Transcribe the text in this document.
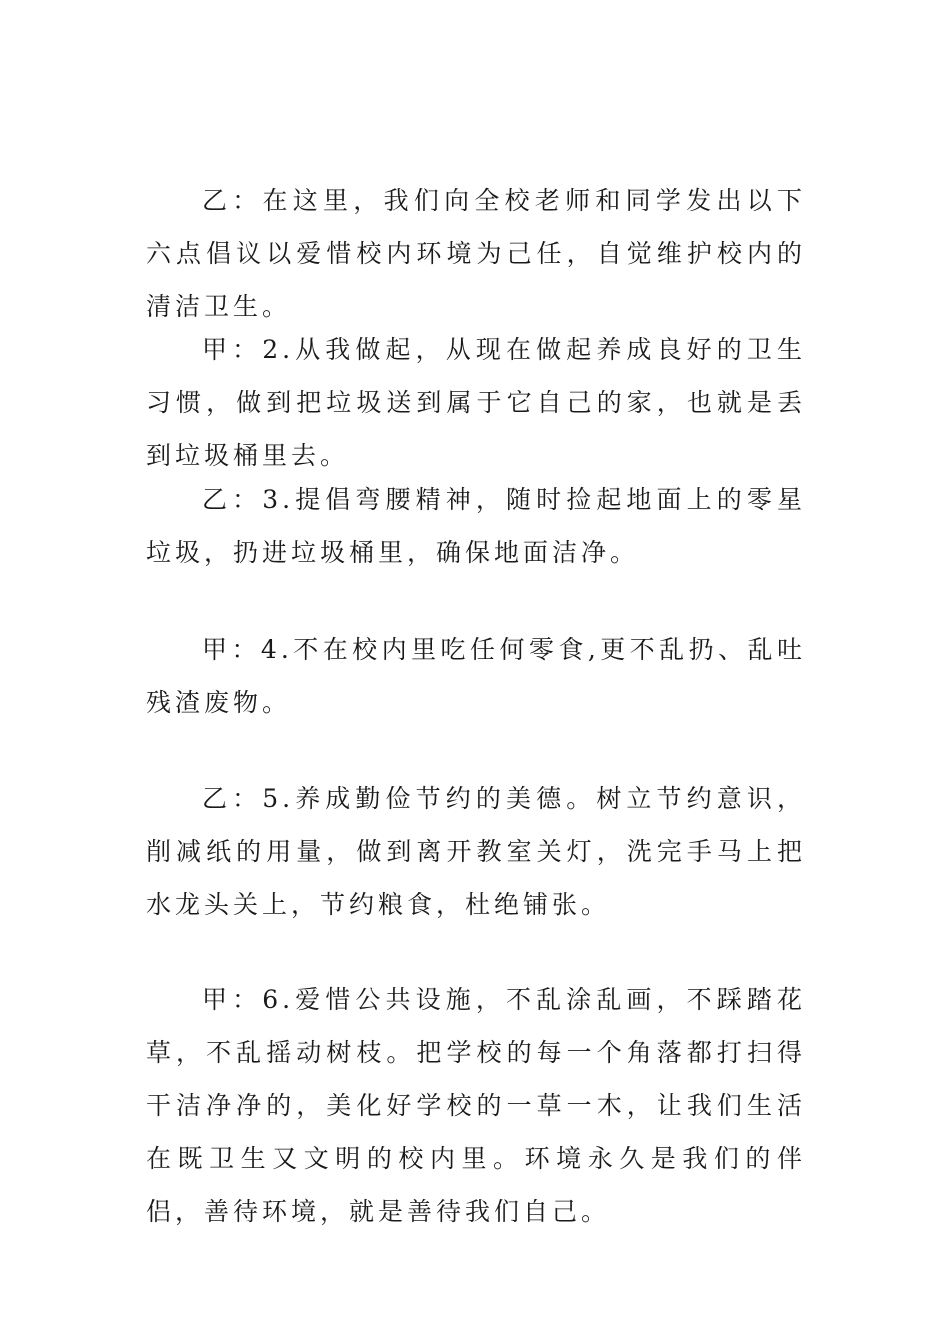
乙：在这里，我们向全校老师和同学发出以下六点倡议以爱惜校内环境为己任，自觉维护校内的清洁卫生。

甲：2.从我做起，从现在做起养成良好的卫生习惯，做到把垃圾送到属于它自己的家，也就是丢到垃圾桶里去。

乙：3.提倡弯腰精神，随时捡起地面上的零星垃圾，扔进垃圾桶里，确保地面洁净。

甲：4.不在校内里吃任何零食,更不乱扔、乱吐残渣废物。

乙：5.养成勤俭节约的美德。树立节约意识，削减纸的用量，做到离开教室关灯，洗完手马上把水龙头关上，节约粮食，杜绝铺张。

甲：6.爱惜公共设施，不乱涂乱画，不踩踏花草，不乱摇动树枝。把学校的每一个角落都打扫得干洁净净的，美化好学校的一草一木，让我们生活在既卫生又文明的校内里。环境永久是我们的伴侣，善待环境，就是善待我们自己。
